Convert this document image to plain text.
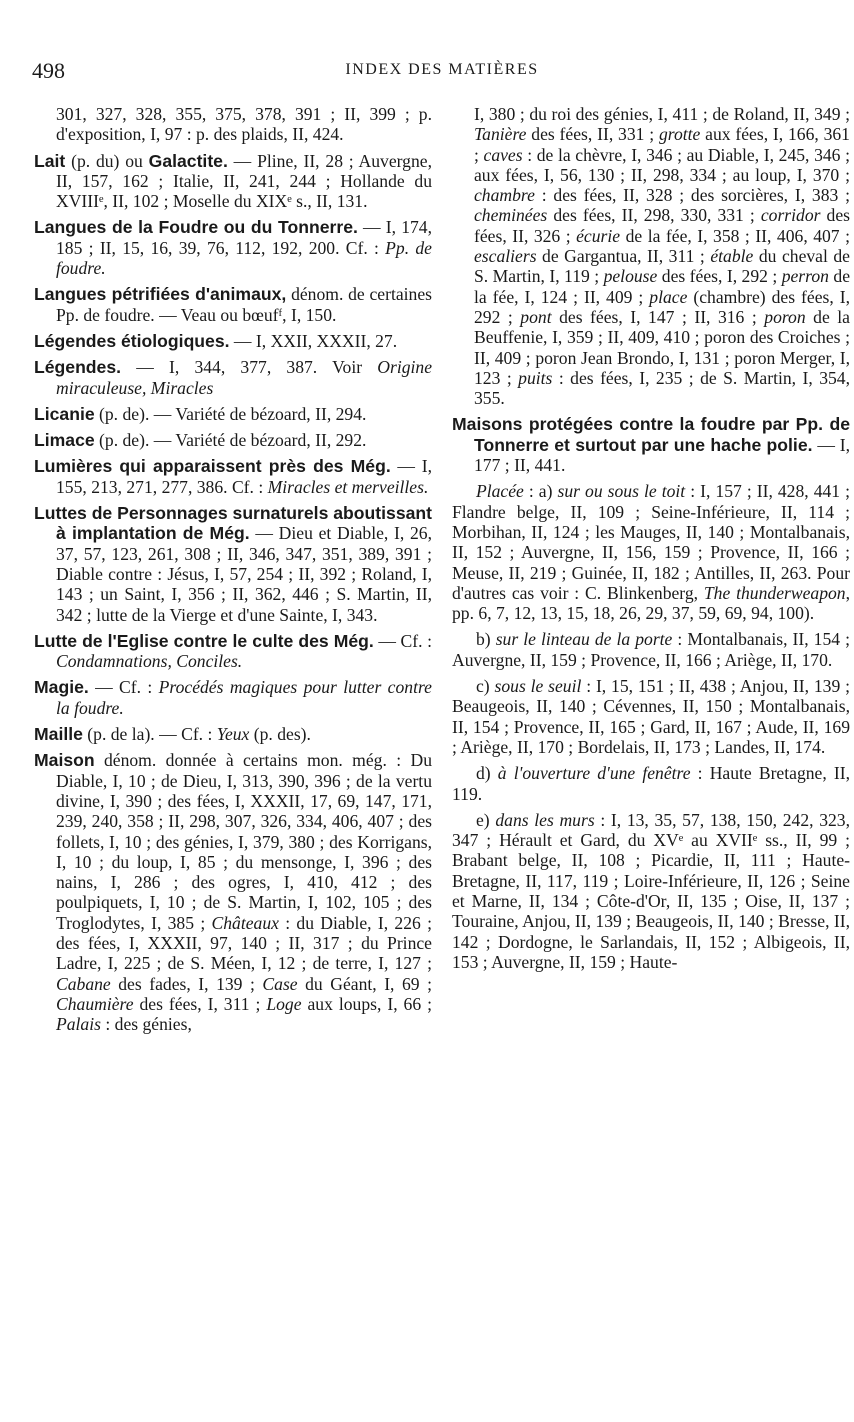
498	INDEX DES MATIÈRES

301, 327, 328, 355, 375, 378, 391 ; II, 399 ; p. d'exposition, I, 97 : p. des plaids, II, 424.

Lait (p. du) ou Galactite. — Pline, II, 28 ; Auvergne, II, 157, 162 ; Italie, II, 241, 244 ; Hollande du XVIIIᵉ, II, 102 ; Moselle du XIXᵉ s., II, 131.

Langues de la Foudre ou du Tonnerre. — I, 174, 185 ; II, 15, 16, 39, 76, 112, 192, 200. Cf. : Pp. de foudre.

Langues pétrifiées d'animaux, dénom. de certaines Pp. de foudre. — Veau ou bœufᶠ, I, 150.

Légendes étiologiques. — I, XXII, XXXII, 27.

Légendes. — I, 344, 377, 387. Voir Origine miraculeuse, Miracles

Licanie (p. de). — Variété de bézoard, II, 294.

Limace (p. de). — Variété de bézoard, II, 292.

Lumières qui apparaissent près des Még. — I, 155, 213, 271, 277, 386. Cf. : Miracles et merveilles.

Luttes de Personnages surnaturels aboutissant à implantation de Még. — Dieu et Diable, I, 26, 37, 57, 123, 261, 308 ; II, 346, 347, 351, 389, 391 ; Diable contre : Jésus, I, 57, 254 ; II, 392 ; Roland, I, 143 ; un Saint, I, 356 ; II, 362, 446 ; S. Martin, II, 342 ; lutte de la Vierge et d'une Sainte, I, 343.

Lutte de l'Eglise contre le culte des Még. — Cf. : Condamnations, Conciles.

Magie. — Cf. : Procédés magiques pour lutter contre la foudre.

Maille (p. de la). — Cf. : Yeux (p. des).

Maison dénom. donnée à certains mon. még. : Du Diable, I, 10 ; de Dieu, I, 313, 390, 396 ; de la vertu divine, I, 390 ; des fées, I, XXXII, 17, 69, 147, 171, 239, 240, 358 ; II, 298, 307, 326, 334, 406, 407 ; des follets, I, 10 ; des génies, I, 379, 380 ; des Korrigans, I, 10 ; du loup, I, 85 ; du mensonge, I, 396 ; des nains, I, 286 ; des ogres, I, 410, 412 ; des poulpiquets, I, 10 ; de S. Martin, I, 102, 105 ; des Troglodytes, I, 385 ; Châteaux : du Diable, I, 226 ; des fées, I, XXXII, 97, 140 ; II, 317 ; du Prince Ladre, I, 225 ; de S. Méen, I, 12 ; de terre, I, 127 ; Cabane des fades, I, 139 ; Case du Géant, I, 69 ; Chaumière des fées, I, 311 ; Loge aux loups, I, 66 ; Palais : des génies,

I, 380 ; du roi des génies, I, 411 ; de Roland, II, 349 ; Tanière des fées, II, 331 ; grotte aux fées, I, 166, 361 ; caves : de la chèvre, I, 346 ; au Diable, I, 245, 346 ; aux fées, I, 56, 130 ; II, 298, 334 ; au loup, I, 370 ; chambre : des fées, II, 328 ; des sorcières, I, 383 ; cheminées des fées, II, 298, 330, 331 ; corridor des fées, II, 326 ; écurie de la fée, I, 358 ; II, 406, 407 ; escaliers de Gargantua, II, 311 ; étable du cheval de S. Martin, I, 119 ; pelouse des fées, I, 292 ; perron de la fée, I, 124 ; II, 409 ; place (chambre) des fées, I, 292 ; pont des fées, I, 147 ; II, 316 ; poron de la Beuffenie, I, 359 ; II, 409, 410 ; poron des Croiches ; II, 409 ; poron Jean Brondo, I, 131 ; poron Merger, I, 123 ; puits : des fées, I, 235 ; de S. Martin, I, 354, 355.

Maisons protégées contre la foudre par Pp. de Tonnerre et surtout par une hache polie. — I, 177 ; II, 441.

Placée : a) sur ou sous le toit : I, 157 ; II, 428, 441 ; Flandre belge, II, 109 ; Seine-Inférieure, II, 114 ; Morbihan, II, 124 ; les Mauges, II, 140 ; Montalbanais, II, 152 ; Auvergne, II, 156, 159 ; Provence, II, 166 ; Meuse, II, 219 ; Guinée, II, 182 ; Antilles, II, 263. Pour d'autres cas voir : C. Blinkenberg, The thunderweapon, pp. 6, 7, 12, 13, 15, 18, 26, 29, 37, 59, 69, 94, 100).

b) sur le linteau de la porte : Montalbanais, II, 154 ; Auvergne, II, 159 ; Provence, II, 166 ; Ariège, II, 170.

c) sous le seuil : I, 15, 151 ; II, 438 ; Anjou, II, 139 ; Beaugeois, II, 140 ; Cévennes, II, 150 ; Montalbanais, II, 154 ; Provence, II, 165 ; Gard, II, 167 ; Aude, II, 169 ; Ariège, II, 170 ; Bordelais, II, 173 ; Landes, II, 174.

d) à l'ouverture d'une fenêtre : Haute Bretagne, II, 119.

e) dans les murs : I, 13, 35, 57, 138, 150, 242, 323, 347 ; Hérault et Gard, du XVᵉ au XVIIᵉ ss., II, 99 ; Brabant belge, II, 108 ; Picardie, II, 111 ; Haute-Bretagne, II, 117, 119 ; Loire-Inférieure, II, 126 ; Seine et Marne, II, 134 ; Côte-d'Or, II, 135 ; Oise, II, 137 ; Touraine, Anjou, II, 139 ; Beaugeois, II, 140 ; Bresse, II, 142 ; Dordogne, le Sarlandais, II, 152 ; Albigeois, II, 153 ; Auvergne, II, 159 ; Haute-
